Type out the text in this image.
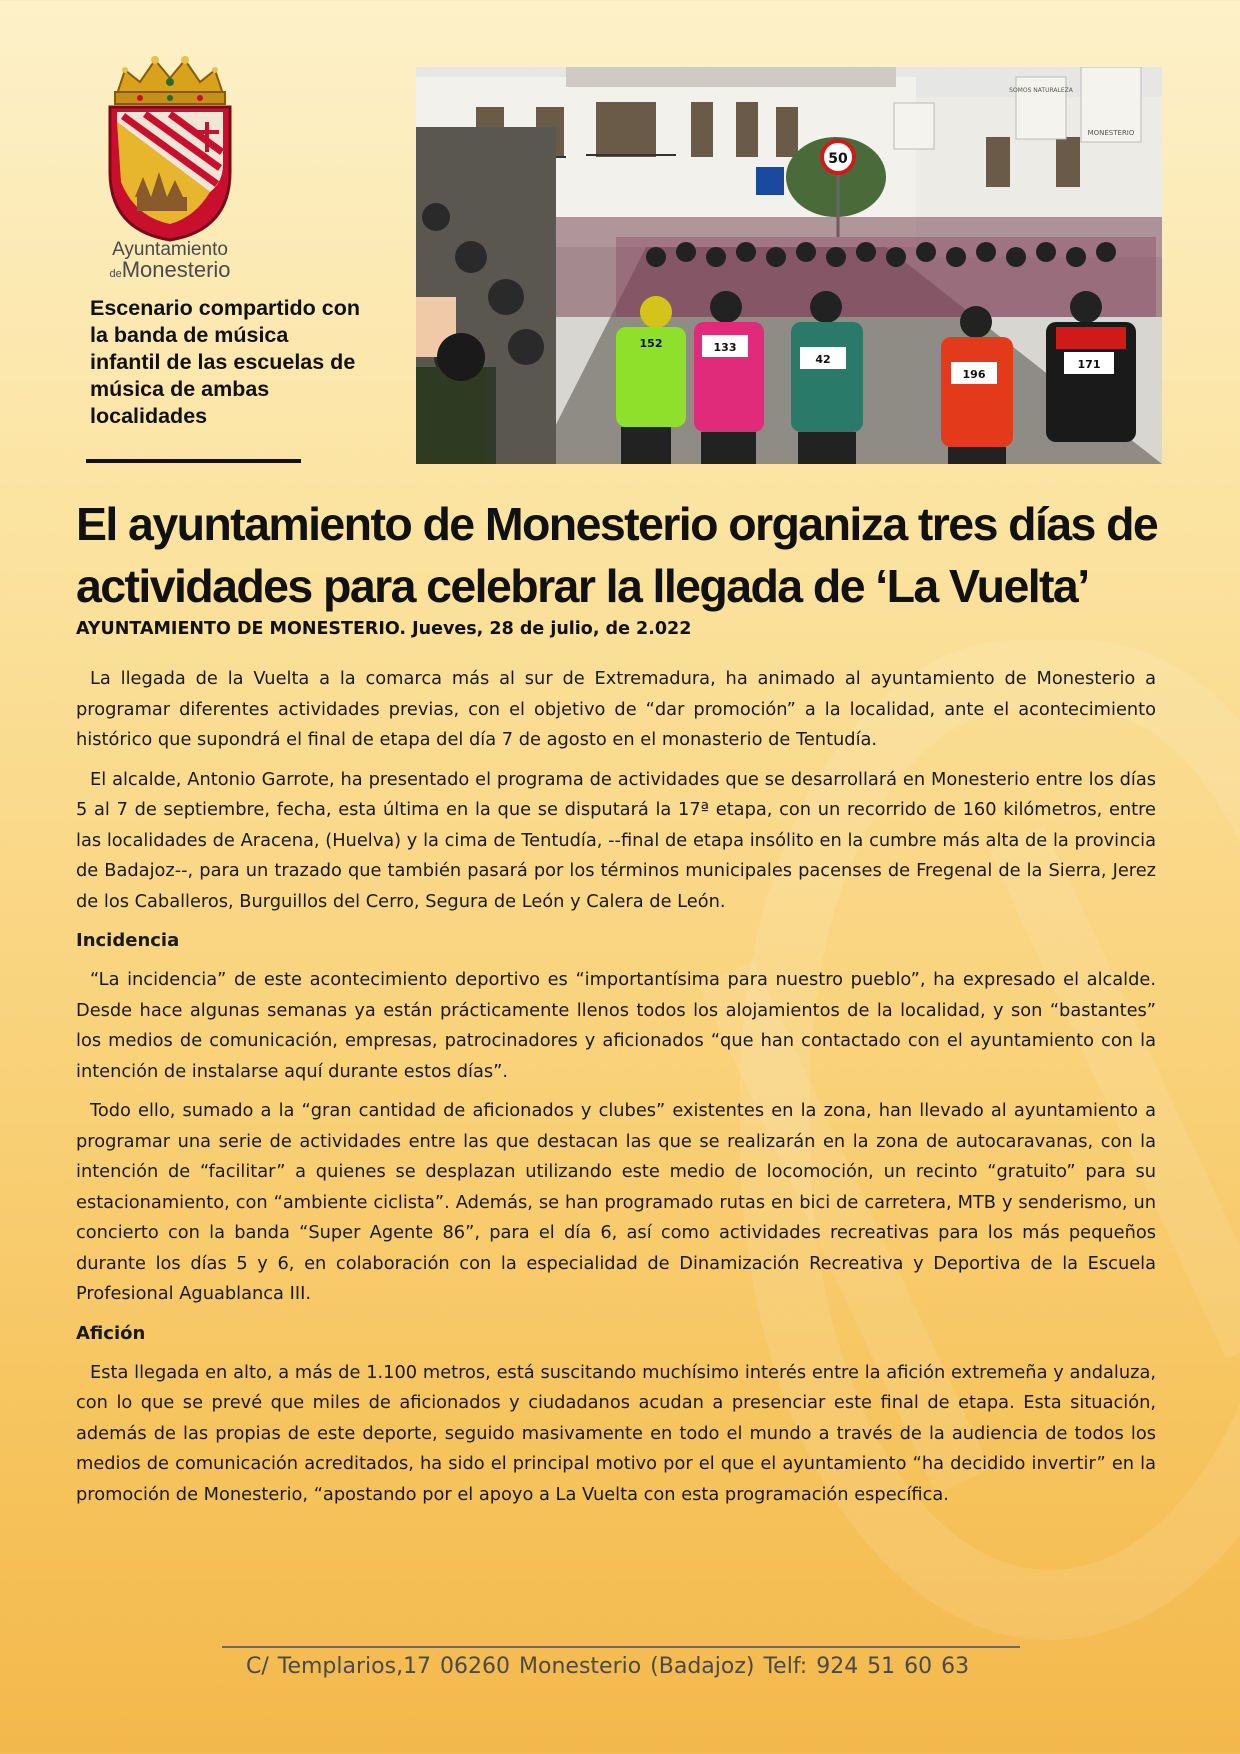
Ayuntamiento
deMonesterio
Escenario compartido con la banda de música infantil de las escuelas de música de ambas localidades
50
SOMOS NATURALEZA
MONESTERIO
152	133
42
196
171
El ayuntamiento de Monesterio organiza tres días de actividades para celebrar la llegada de ‘La Vuelta’
AYUNTAMIENTO DE MONESTERIO. Jueves, 28 de julio, de 2.022

La llegada de la Vuelta a la comarca más al sur de Extremadura, ha animado al ayuntamiento de Monesterio a programar diferentes actividades previas, con el objetivo de “dar promoción” a la localidad, ante el acontecimiento histórico que supondrá el final de etapa del día 7 de agosto en el monasterio de Tentudía.

El alcalde, Antonio Garrote, ha presentado el programa de actividades que se desarrollará en Monesterio entre los días 5 al 7 de septiembre, fecha, esta última en la que se disputará la 17ª etapa, con un recorrido de 160 kilómetros, entre las localidades de Aracena, (Huelva) y la cima de Tentudía, --final de etapa insólito en la cumbre más alta de la provincia de Badajoz--, para un trazado que también pasará por los términos municipales pacenses de Fregenal de la Sierra, Jerez de los Caballeros, Burguillos del Cerro, Segura de León y Calera de León.

Incidencia

“La incidencia” de este acontecimiento deportivo es “importantísima para nuestro pueblo”, ha expresado el alcalde. Desde hace algunas semanas ya están prácticamente llenos todos los alojamientos de la localidad, y son “bastantes” los medios de comunicación, empresas, patrocinadores y aficionados “que han contactado con el ayuntamiento con la intención de instalarse aquí durante estos días”.

Todo ello, sumado a la “gran cantidad de aficionados y clubes” existentes en la zona, han llevado al ayuntamiento a programar una serie de actividades entre las que destacan las que se realizarán en la zona de autocaravanas, con la intención de “facilitar” a quienes se desplazan utilizando este medio de locomoción, un recinto “gratuito” para su estacionamiento, con “ambiente ciclista”. Además, se han programado rutas en bici de carretera, MTB y senderismo, un concierto con la banda “Super Agente 86”, para el día 6, así como actividades recreativas para los más pequeños durante los días 5 y 6, en colaboración con la especialidad de Dinamización Recreativa y Deportiva de la Escuela Profesional Aguablanca III.

Afición

Esta llegada en alto, a más de 1.100 metros, está suscitando muchísimo interés entre la afición extremeña y andaluza, con lo que se prevé que miles de aficionados y ciudadanos acudan a presenciar este final de etapa. Esta situación, además de las propias de este deporte, seguido masivamente en todo el mundo a través de la audiencia de todos los medios de comunicación acreditados, ha sido el principal motivo por el que el ayuntamiento “ha decidido invertir” en la promoción de Monesterio, “apostando por el apoyo a La Vuelta con esta programación específica.

C/ Templarios,17 06260 Monesterio (Badajoz) Telf: 924 51 60 63
